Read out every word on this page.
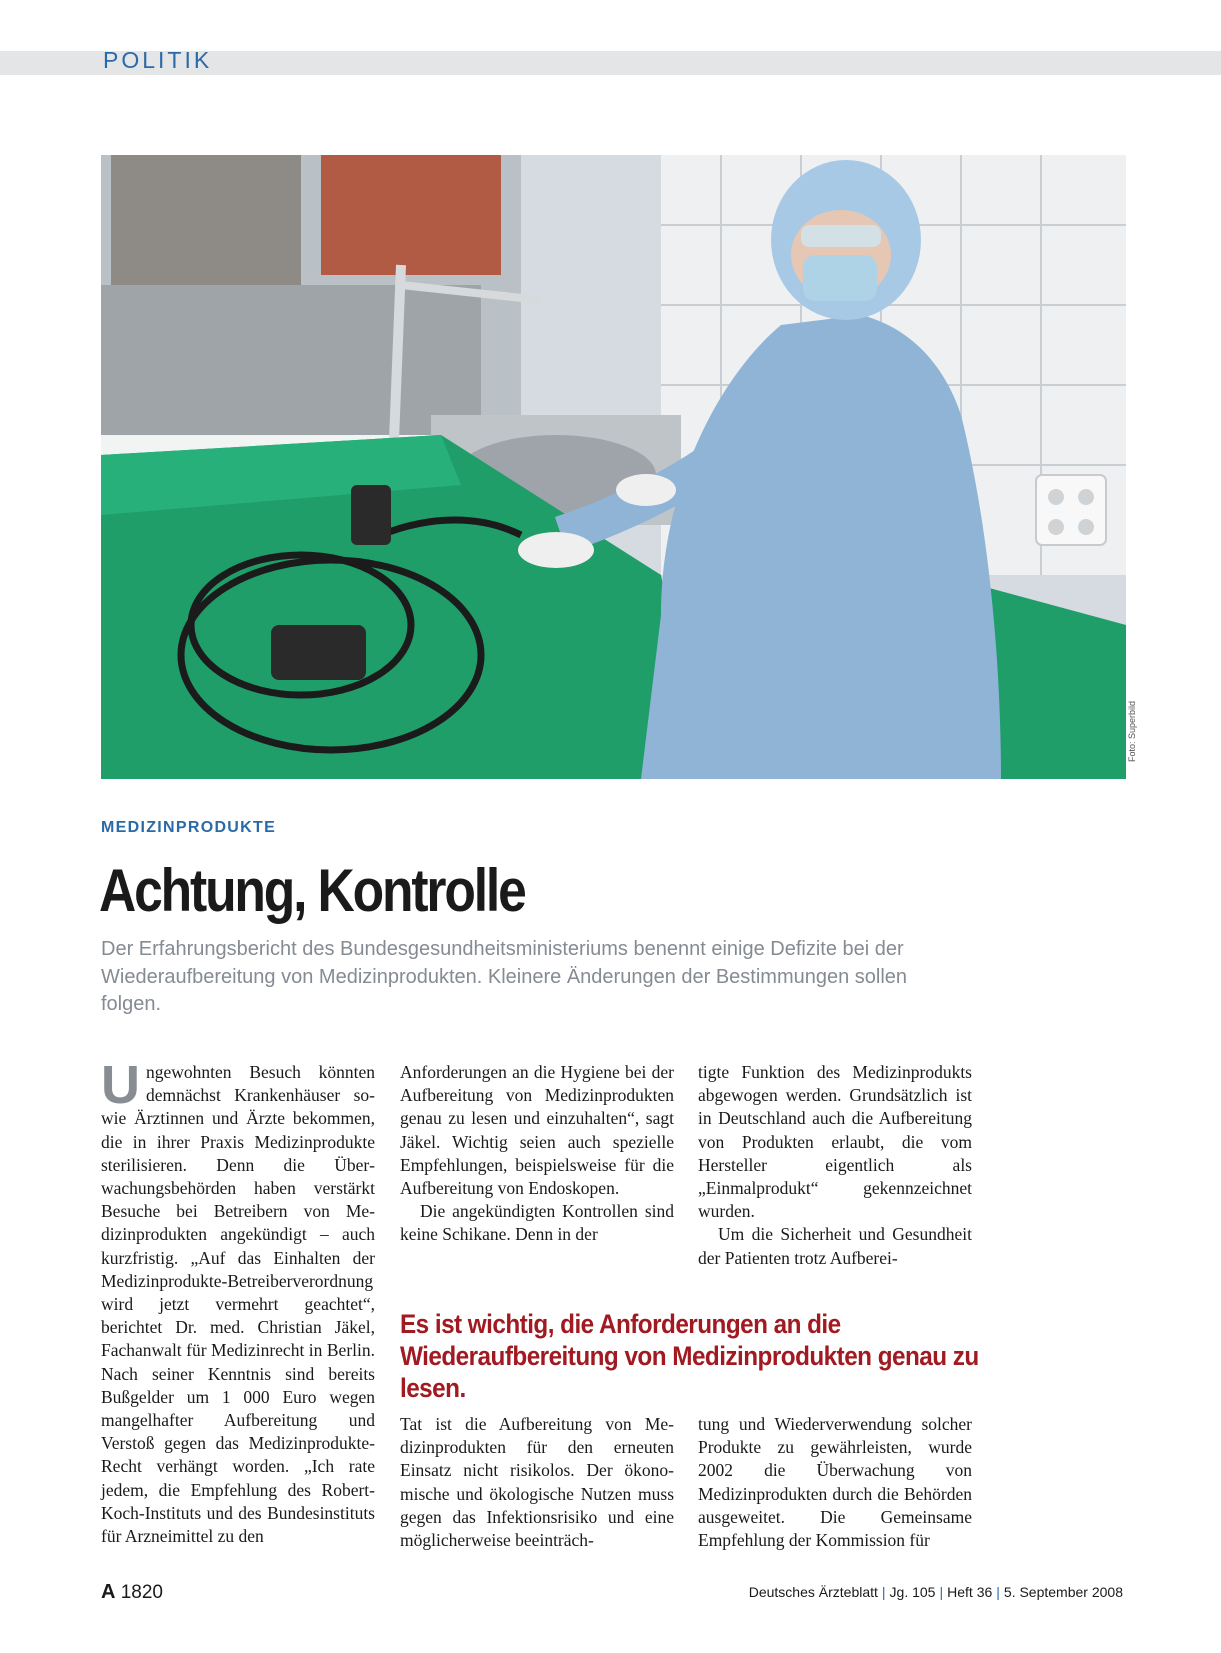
POLITIK
Foto: Superbild
MEDIZINPRODUKTE
Achtung, Kontrolle

Der Erfahrungsbericht des Bundesgesundheitsministeriums benennt einige Defizite bei der Wiederaufbereitung von Medizinprodukten. Kleinere Änderungen der Bestimmungen sollen folgen.

Ungewohnten Besuch könnten demnächst Krankenhäuser sowie Ärztinnen und Ärzte bekommen, die in ihrer Praxis Medizinprodukte sterilisieren. Denn die Überwachungsbehörden haben verstärkt Besuche bei Betreibern von Medizinprodukten angekündigt – auch kurzfristig. „Auf das Einhalten der Medizinprodukte-Betreiberverordnung wird jetzt vermehrt geachtet“, berichtet Dr. med. Christian Jäkel, Fachanwalt für Medizinrecht in Berlin. Nach seiner Kenntnis sind bereits Bußgelder um 1 000 Euro wegen mangelhafter Aufbereitung und Verstoß gegen das Medizinprodukte-Recht verhängt worden. „Ich rate jedem, die Empfehlung des Robert-Koch-Instituts und des Bundesinstituts für Arzneimittel zu den

Anforderungen an die Hygiene bei der Aufbereitung von Medizinprodukten genau zu lesen und einzuhalten“, sagt Jäkel. Wichtig seien auch spezielle Empfehlungen, beispielsweise für die Aufbereitung von Endoskopen.

Die angekündigten Kontrollen sind keine Schikane. Denn in der

tigte Funktion des Medizinprodukts abgewogen werden. Grundsätzlich ist in Deutschland auch die Aufbereitung von Produkten erlaubt, die vom Hersteller eigentlich als „Einmalprodukt“ gekennzeichnet wurden.

Um die Sicherheit und Gesundheit der Patienten trotz Aufberei-

Es ist wichtig, die Anforderungen an die Wiederaufbereitung von Medizinprodukten genau zu lesen.

Tat ist die Aufbereitung von Medizinprodukten für den erneuten Einsatz nicht risikolos. Der ökonomische und ökologische Nutzen muss gegen das Infektionsrisiko und eine möglicherweise beeinträch-

tung und Wiederverwendung solcher Produkte zu gewährleisten, wurde 2002 die Überwachung von Medizinprodukten durch die Behörden ausgeweitet. Die Gemeinsame Empfehlung der Kommission für

A 1820	Deutsches Ärzteblatt | Jg. 105 | Heft 36 | 5. September 2008
